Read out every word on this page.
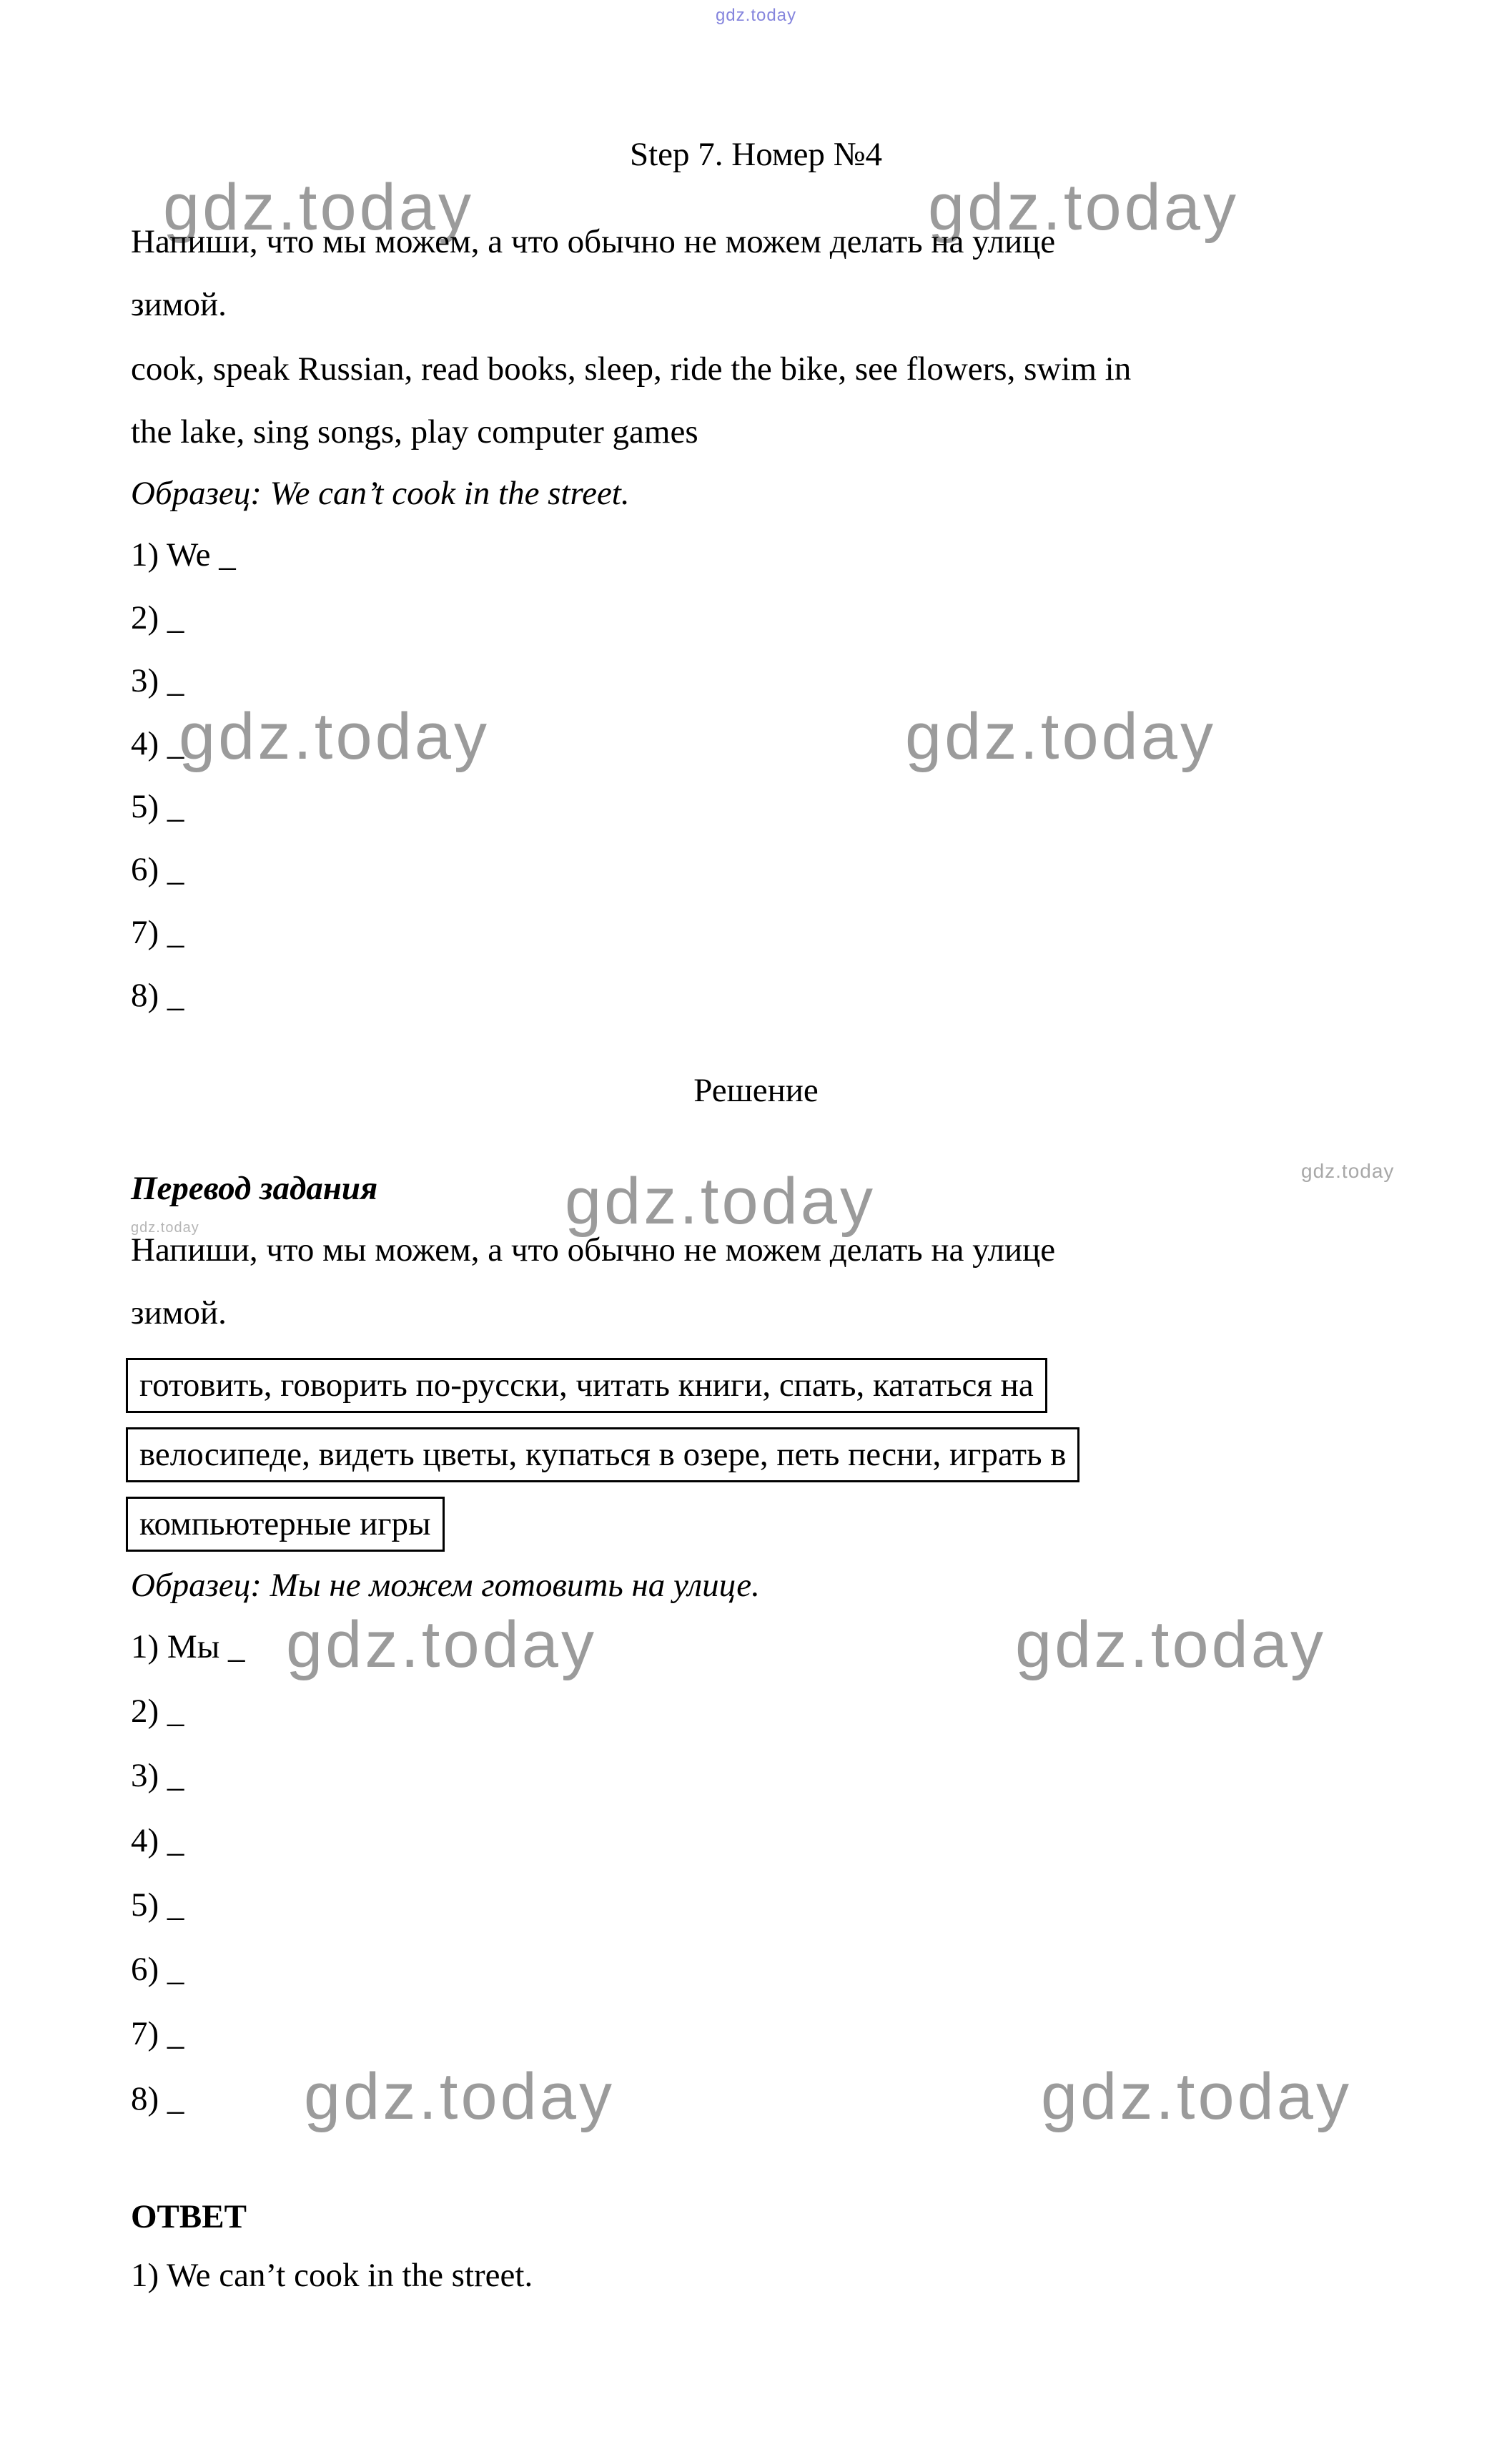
gdz.today
gdz.today	gdz.today
gdz.today	gdz.today
gdz.today	gdz.today
gdz.today
gdz.today	gdz.today
gdz.today	gdz.today
Step 7. Номер №4
Напиши, что мы можем, а что обычно не можем делать на улице
зимой.
cook, speak Russian, read books, sleep, ride the bike, see flowers, swim in
the lake, sing songs, play computer games
Образец: We can’t cook in the street.
1) We _
2) _
3) _
4) _
5) _
6) _
7) _
8) _
Решение
Перевод задания
Напиши, что мы можем, а что обычно не можем делать на улице
зимой.
готовить, говорить по-русски, читать книги, спать, кататься на
велосипеде, видеть цветы, купаться в озере, петь песни, играть в
компьютерные игры
Образец: Мы не можем готовить на улице.
1) Мы _
2) _
3) _
4) _
5) _
6) _
7) _
8) _
ОТВЕТ
1) We can’t cook in the street.
